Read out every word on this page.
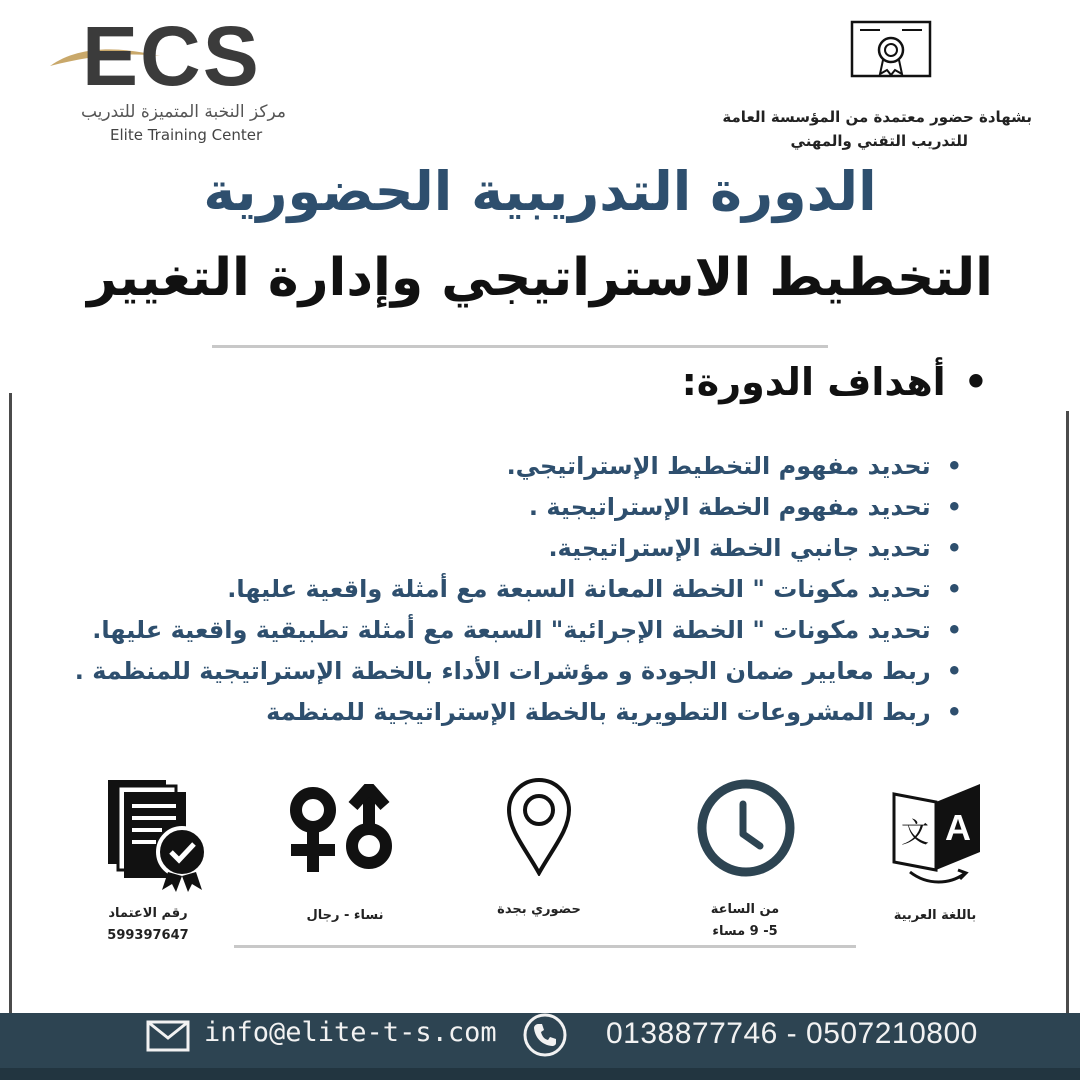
ECS
مركز النخبة المتميزة للتدريب
Elite Training Center
بشهادة حضور معتمدة من المؤسسة العامة
للتدريب التقني والمهني
الدورة التدريبية الحضورية
التخطيط الاستراتيجي وإدارة التغيير
• أهداف الدورة:
• تحديد مفهوم التخطيط الإستراتيجي.
• تحديد مفهوم الخطة الإستراتيجية .
• تحديد جانبي الخطة الإستراتيجية.
• تحديد مكونات " الخطة المعانة السبعة مع أمثلة واقعية عليها.
• تحديد مكونات " الخطة الإجرائية" السبعة مع أمثلة تطبيقية واقعية عليها.
• ربط معايير ضمان الجودة و مؤشرات الأداء بالخطة الإستراتيجية للمنظمة .
• ربط المشروعات التطويرية بالخطة الإستراتيجية للمنظمة
رقم الاعتماد
599397647
نساء - رجال	حضوري بجدة	من الساعة
5- 9 مساء
A
文
باللغة العربية
info@elite-t-s.com	0138877746 - 0507210800
